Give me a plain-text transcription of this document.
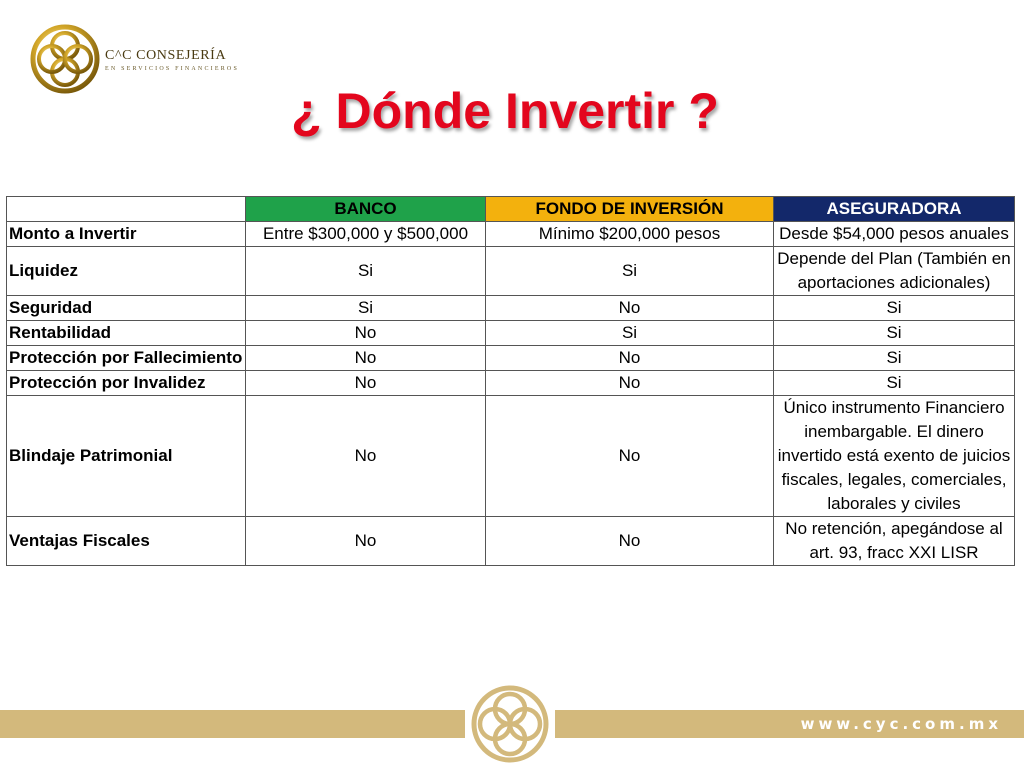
C^C CONSEJERÍA
EN SERVICIOS FINANCIEROS
¿ Dónde Invertir ?
	BANCO	FONDO DE INVERSIÓN	ASEGURADORA
Monto a Invertir	Entre $300,000 y $500,000	Mínimo $200,000 pesos	Desde $54,000 pesos anuales
Liquidez	Si	Si	Depende del Plan (También en aportaciones adicionales)
Seguridad	Si	No	Si
Rentabilidad	No	Si	Si
Protección por Fallecimiento	No	No	Si
Protección por Invalidez	No	No	Si
Blindaje Patrimonial	No	No	Único instrumento Financiero inembargable. El dinero invertido está exento de juicios fiscales, legales, comerciales, laborales y civiles
Ventajas Fiscales	No	No	No retención, apegándose al art. 93, fracc XXI LISR
www.cyc.com.mx
